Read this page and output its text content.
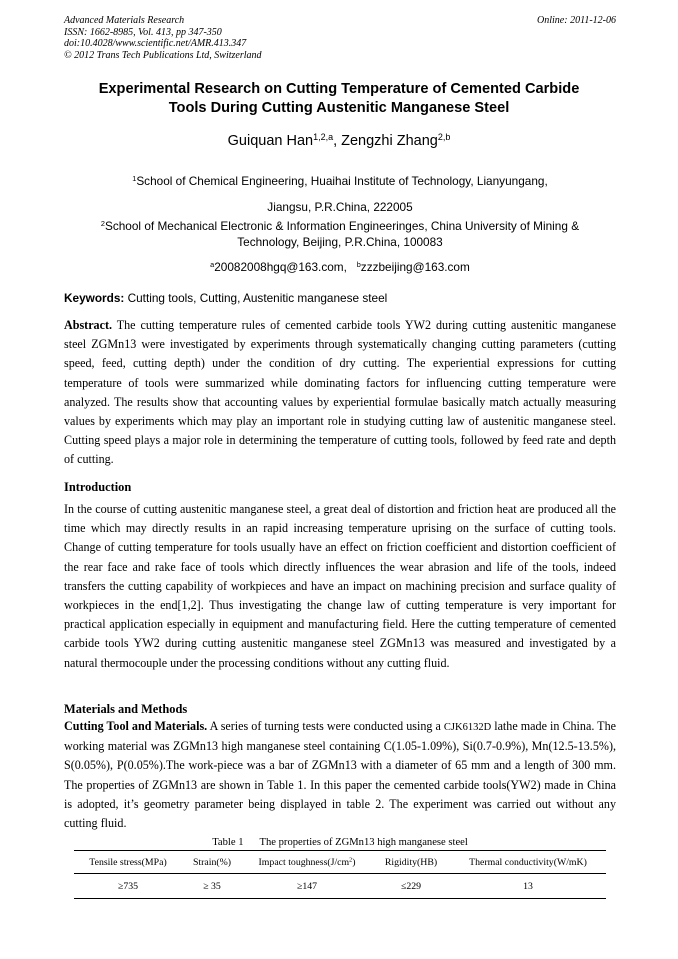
Advanced Materials Research
ISSN: 1662-8985, Vol. 413, pp 347-350
doi:10.4028/www.scientific.net/AMR.413.347
© 2012 Trans Tech Publications Ltd, Switzerland
Online: 2011-12-06
Experimental Research on Cutting Temperature of Cemented Carbide
Tools During Cutting Austenitic Manganese Steel
Guiquan Han$^{1,2,a}$, Zengzhi Zhang$^{2,b}$
$^1$School of Chemical Engineering, Huaihai Institute of Technology, Lianyungang,
Jiangsu, P.R.China, 222005
$^2$School of Mechanical Electronic & Information Engineeringes, China University of Mining &
Technology, Beijing, P.R.China, 100083
$^a$20082008hgq@163.com, $^b$zzzbeijing@163.com
Keywords: Cutting tools, Cutting, Austenitic manganese steel
Abstract. The cutting temperature rules of cemented carbide tools YW2 during cutting austenitic manganese steel ZGMn13 were investigated by experiments through systematically changing cutting parameters (cutting speed, feed, cutting depth) under the condition of dry cutting. The experiential expressions for cutting temperature of tools were summarized while dominating factors for influencing cutting temperature were analyzed. The results show that accounting values by experiential formulae basically match actually measuring values by experiments which may play an important role in studying cutting law of austenitic manganese steel. Cutting speed plays a major role in determining the temperature of cutting tools, followed by feed rate and depth of cutting.
Introduction
In the course of cutting austenitic manganese steel, a great deal of distortion and friction heat are produced all the time which may directly results in an rapid increasing temperature uprising on the surface of cutting tools. Change of cutting temperature for tools usually have an effect on friction coefficient and distortion coefficient of the rear face and rake face of tools which directly influences the wear abrasion and life of the tools, indeed transfers the cutting capability of workpieces and have an impact on machining precision and surface quality of workpieces in the end[1,2]. Thus investigating the change law of cutting temperature is very important for practical application especially in equipment and manufacturing field. Here the cutting temperature of cemented carbide tools YW2 during cutting austenitic manganese steel ZGMn13 was measured and investigated by a natural thermocouple under the processing conditions without any cutting fluid.
Materials and Methods
Cutting Tool and Materials. A series of turning tests were conducted using a CJK6132D lathe made in China. The working material was ZGMn13 high manganese steel containing C(1.05-1.09%), Si(0.7-0.9%), Mn(12.5-13.5%), S(0.05%), P(0.05%).The work-piece was a bar of ZGMn13 with a diameter of 65 mm and a length of 300 mm. The properties of ZGMn13 are shown in Table 1. In this paper the cemented carbide tools(YW2) made in China is adopted, it’s geometry parameter being displayed in table 2. The experiment was carried out without any cutting fluid.
Table 1 The properties of ZGMn13 high manganese steel
Tensile stress(MPa)	Strain(%)	Impact $toughness(J/cm^2)$	Rigidity(HB)	Thermal conductivity(W/mK)
≥735	≥ 35	≥147	≤229	13
